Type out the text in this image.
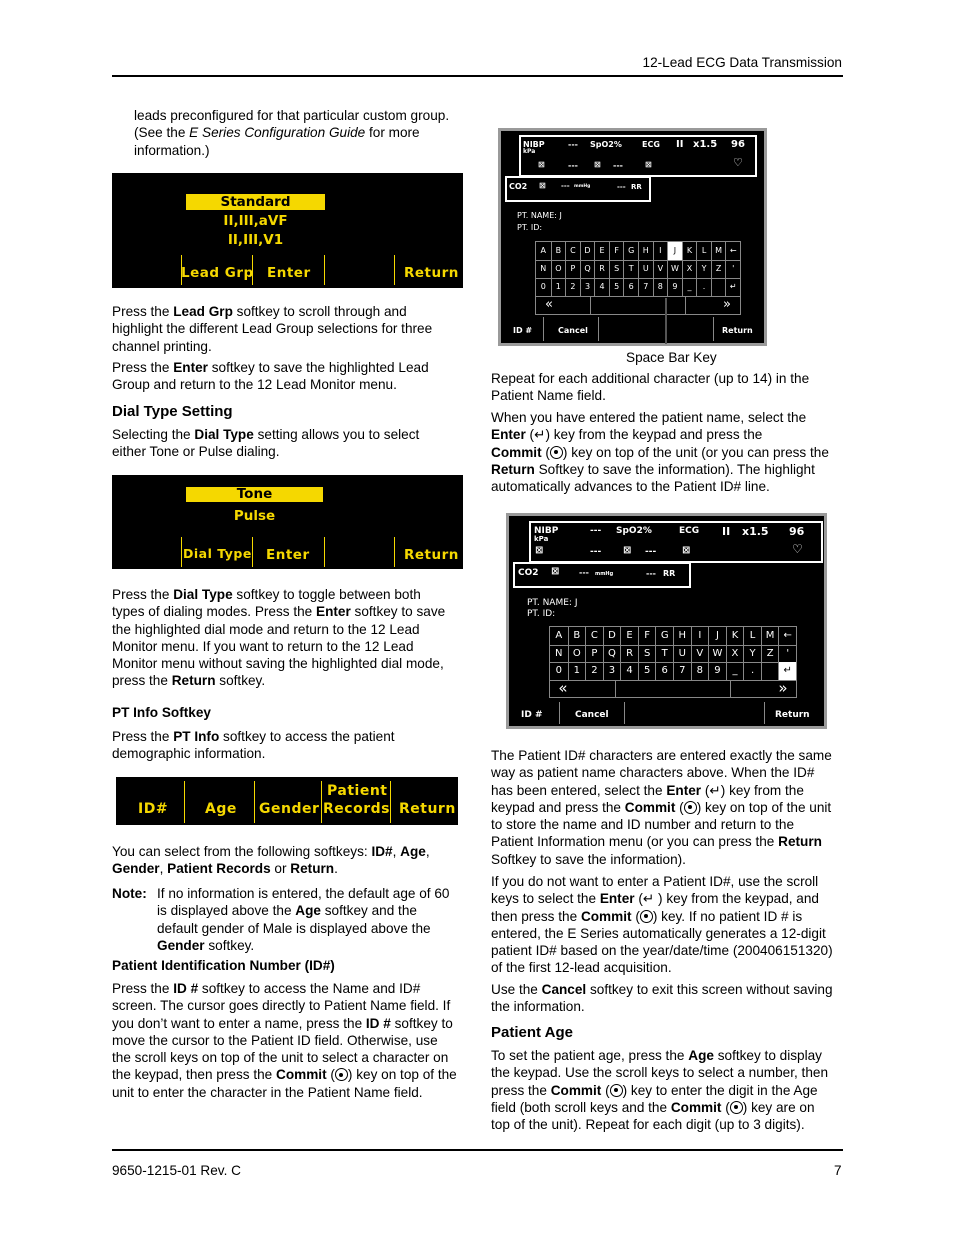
12-Lead ECG Data Transmission
leads preconfigured for that particular custom group.
(See the E Series Configuration Guide for more
information.)
Standard
II,III,aVF
II,III,V1
Lead Grp Enter	Return
Press the Lead Grp softkey to scroll through and
highlight the different Lead Group selections for three
channel printing.
Press the Enter softkey to save the highlighted Lead
Group and return to the 12 Lead Monitor menu.
Dial Type Setting
Selecting the Dial Type setting allows you to select
either Tone or Pulse dialing.
Tone
Pulse
Dial Type Enter	Return
Press the Dial Type softkey to toggle between both
types of dialing modes. Press the Enter softkey to save
the highlighted dial mode and return to the 12 Lead
Monitor menu. If you want to return to the 12 Lead
Monitor menu without saving the highlighted dial mode,
press the Return softkey.
PT Info Softkey
Press the PT Info softkey to access the patient
demographic information.
ID#	Age Gender
Patient
Records Return
You can select from the following softkeys: ID#, Age,
Gender, Patient Records or Return.
Note: If no information is entered, the default age of 60
is displayed above the Age softkey and the
default gender of Male is displayed above the
Gender softkey.
Patient Identification Number (ID#)
Press the ID # softkey to access the Name and ID#
screen. The cursor goes directly to Patient Name field. If
you don’t want to enter a name, press the ID # softkey to
move the cursor to the Patient ID field. Otherwise, use
the scroll keys on top of the unit to select a character on
the keypad, then press the Commit ( ) key on top of the
unit to enter the character in the Patient Name field.
NIBP
kPa
---
---
SpO2%
---
ECG II x1.5 96
♡
⊠	⊠	⊠
CO2 ⊠ --- mmHg	--- RR
PT. NAME: J
PT. ID:
A	B	C	D	E	F	G	H	I	J	K	L	M ←
N	O	P	Q	R	S	T	U	V W X	Y	Z	'
0	1	2	3	4	5	6	7	8	9	_	.	↵
«	»
ID #	Cancel	Return
Space Bar Key
Repeat for each additional character (up to 14) in the
Patient Name field.
When you have entered the patient name, select the
Enter (↵) key from the keypad and press the
Commit ( ) key on top of the unit (or you can press the
Return Softkey to save the information). The highlight
automatically advances to the Patient ID# line.
NIBP
kPa
---
---
SpO2%
---
ECG II x1.5 96
♡
⊠	⊠	⊠
CO2 ⊠ --- mmHg	--- RR
PT. NAME: J
PT. ID:
A	B	C	D	E	F	G H	I	J	K	L	M ←
N	O	P	Q	R	S	T	U	V W X	Y	Z	'
0	1	2	3	4	5	6	7	8	9	_	.	↵
«	»
ID #	Cancel	Return
The Patient ID# characters are entered exactly the same
way as patient name characters above. When the ID#
has been entered, select the Enter (↵) key from the
keypad and press the Commit ( ) key on top of the unit
to store the name and ID number and return to the
Patient Information menu (or you can press the Return
Softkey to save the information).
If you do not want to enter a Patient ID#, use the scroll
keys to select the Enter (↵ ) key from the keypad, and
then press the Commit ( ) key. If no patient ID # is
entered, the E Series automatically generates a 12-digit
patient ID# based on the year/date/time (200406151320)
of the first 12-lead acquisition.
Use the Cancel softkey to exit this screen without saving
the information.
Patient Age
To set the patient age, press the Age softkey to display
the keypad. Use the scroll keys to select a number, then
press the Commit ( ) key to enter the digit in the Age
field (both scroll keys and the Commit ( ) key are on
top of the unit). Repeat for each digit (up to 3 digits).
9650-1215-01 Rev. C	7
